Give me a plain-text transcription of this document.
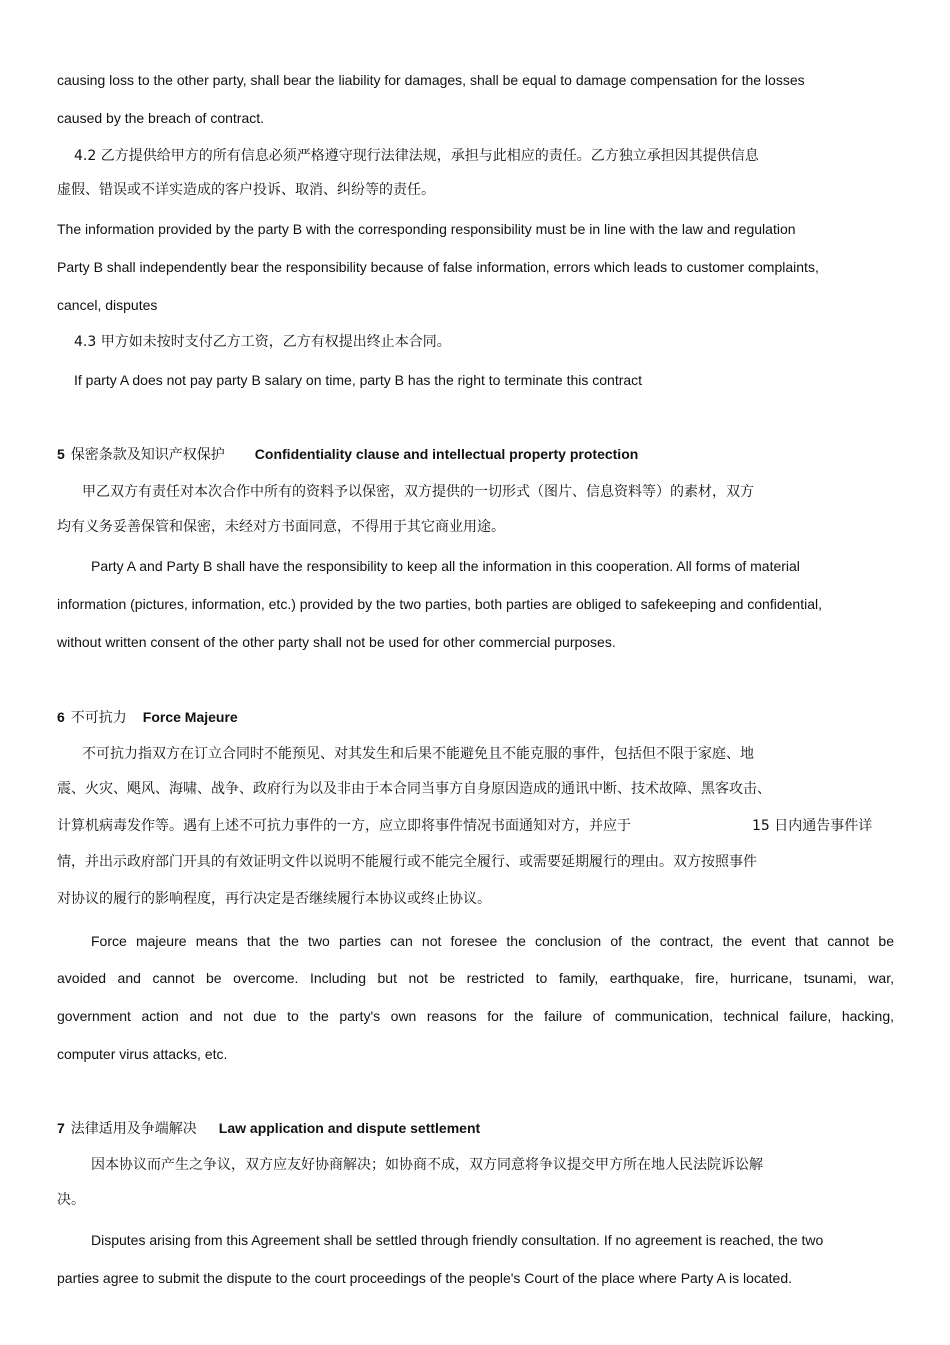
causing loss to the other party, shall bear the liability for damages, shall be equal to damage compensation for the losses
caused by the breach of contract.
4.2 乙方提供给甲方的所有信息必须严格遵守现行法律法规，承担与此相应的责任。乙方独立承担因其提供信息
虚假、错误或不详实造成的客户投诉、取消、纠纷等的责任。
The information provided by the party B with the corresponding responsibility must be in line with the law and regulation
Party B shall independently bear the responsibility because of false information, errors which leads to customer complaints,
cancel, disputes
4.3 甲方如未按时支付乙方工资，乙方有权提出终止本合同。
If party A does not pay party B salary on time, party B has the right to terminate this contract
5 保密条款及知识产权保护 Confidentiality clause and intellectual property protection
甲乙双方有责任对本次合作中所有的资料予以保密，双方提供的一切形式（图片、信息资料等）的素材，双方
均有义务妥善保管和保密，未经对方书面同意，不得用于其它商业用途。
Party A and Party B shall have the responsibility to keep all the information in this cooperation. All forms of material
information (pictures, information, etc.) provided by the two parties, both parties are obliged to safekeeping and confidential,
without written consent of the other party shall not be used for other commercial purposes.
6 不可抗力 Force Majeure
不可抗力指双方在订立合同时不能预见、对其发生和后果不能避免且不能克服的事件，包括但不限于家庭、地
震、火灾、飓风、海啸、战争、政府行为以及非由于本合同当事方自身原因造成的通讯中断、技术故障、黑客攻击、
计算机病毒发作等。遇有上述不可抗力事件的一方，应立即将事件情况书面通知对方，并应于	15 日内通告事件详
情，并出示政府部门开具的有效证明文件以说明不能履行或不能完全履行、或需要延期履行的理由。双方按照事件
对协议的履行的影响程度，再行决定是否继续履行本协议或终止协议。
Force majeure means that the two parties can not foresee the conclusion of the contract, the event that cannot be
avoided and cannot be overcome. Including but not be restricted to family, earthquake, fire, hurricane, tsunami, war,
government action and not due to the party's own reasons for the failure of communication, technical failure, hacking,
computer virus attacks, etc.
7 法律适用及争端解决 Law application and dispute settlement
因本协议而产生之争议，双方应友好协商解决；如协商不成，双方同意将争议提交甲方所在地人民法院诉讼解
决。
Disputes arising from this Agreement shall be settled through friendly consultation. If no agreement is reached, the two
parties agree to submit the dispute to the court proceedings of the people's Court of the place where Party A is located.
